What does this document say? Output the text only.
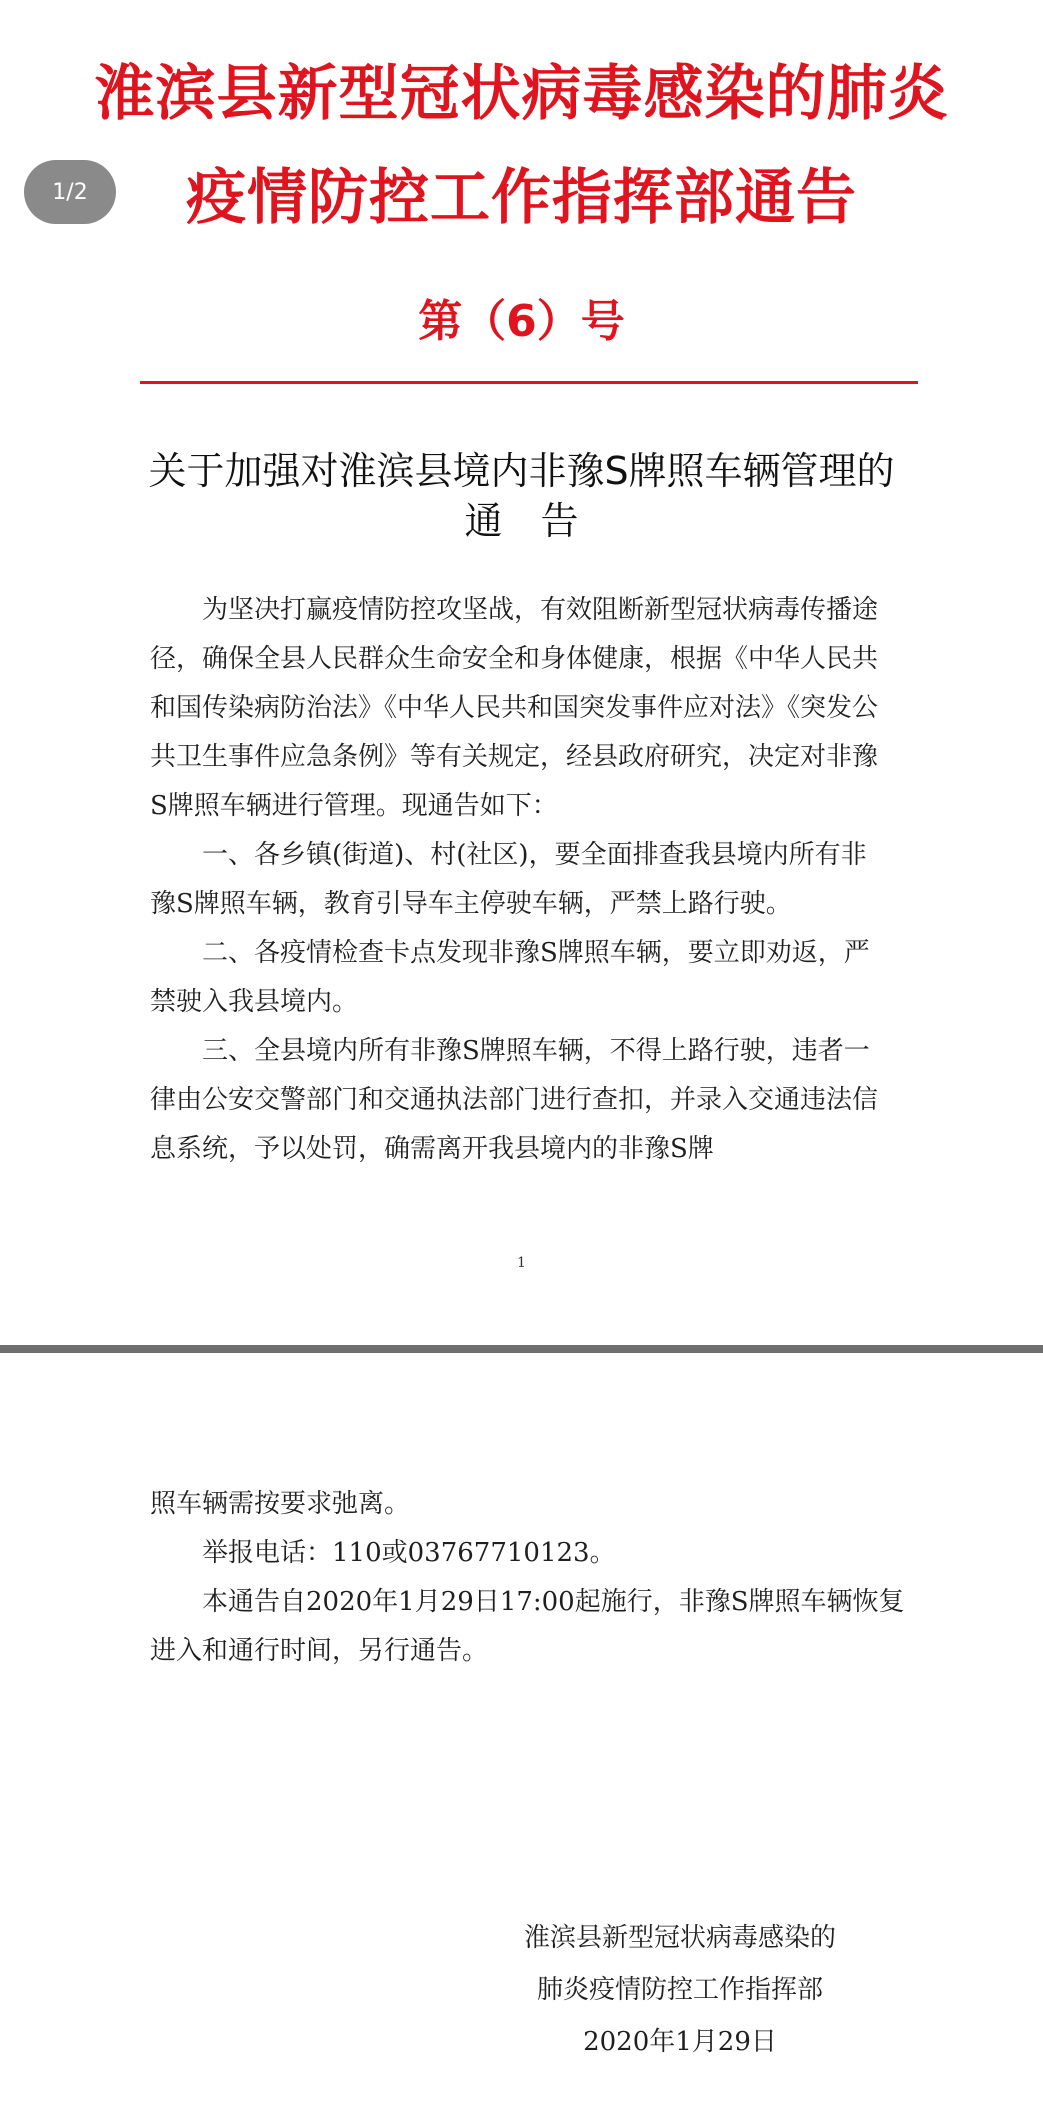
1/2
淮滨县新型冠状病毒感染的肺炎
疫情防控工作指挥部通告
第（6）号
关于加强对淮滨县境内非豫S牌照车辆管理的
通告

为坚决打赢疫情防控攻坚战，有效阻断新型冠状病毒传播途径，确保全县人民群众生命安全和身体健康，根据《中华人民共和国传染病防治法》《中华人民共和国突发事件应对法》《突发公共卫生事件应急条例》等有关规定，经县政府研究，决定对非豫S牌照车辆进行管理。现通告如下：

一、各乡镇(街道)、村(社区)，要全面排查我县境内所有非豫S牌照车辆，教育引导车主停驶车辆，严禁上路行驶。

二、各疫情检查卡点发现非豫S牌照车辆，要立即劝返，严禁驶入我县境内。

三、全县境内所有非豫S牌照车辆，不得上路行驶，违者一律由公安交警部门和交通执法部门进行查扣，并录入交通违法信息系统，予以处罚，确需离开我县境内的非豫S牌

1

照车辆需按要求弛离。

举报电话：110或03767710123。

本通告自2020年1月29日17:00起施行，非豫S牌照车辆恢复进入和通行时间，另行通告。

淮滨县新型冠状病毒感染的
肺炎疫情防控工作指挥部
2020年1月29日
